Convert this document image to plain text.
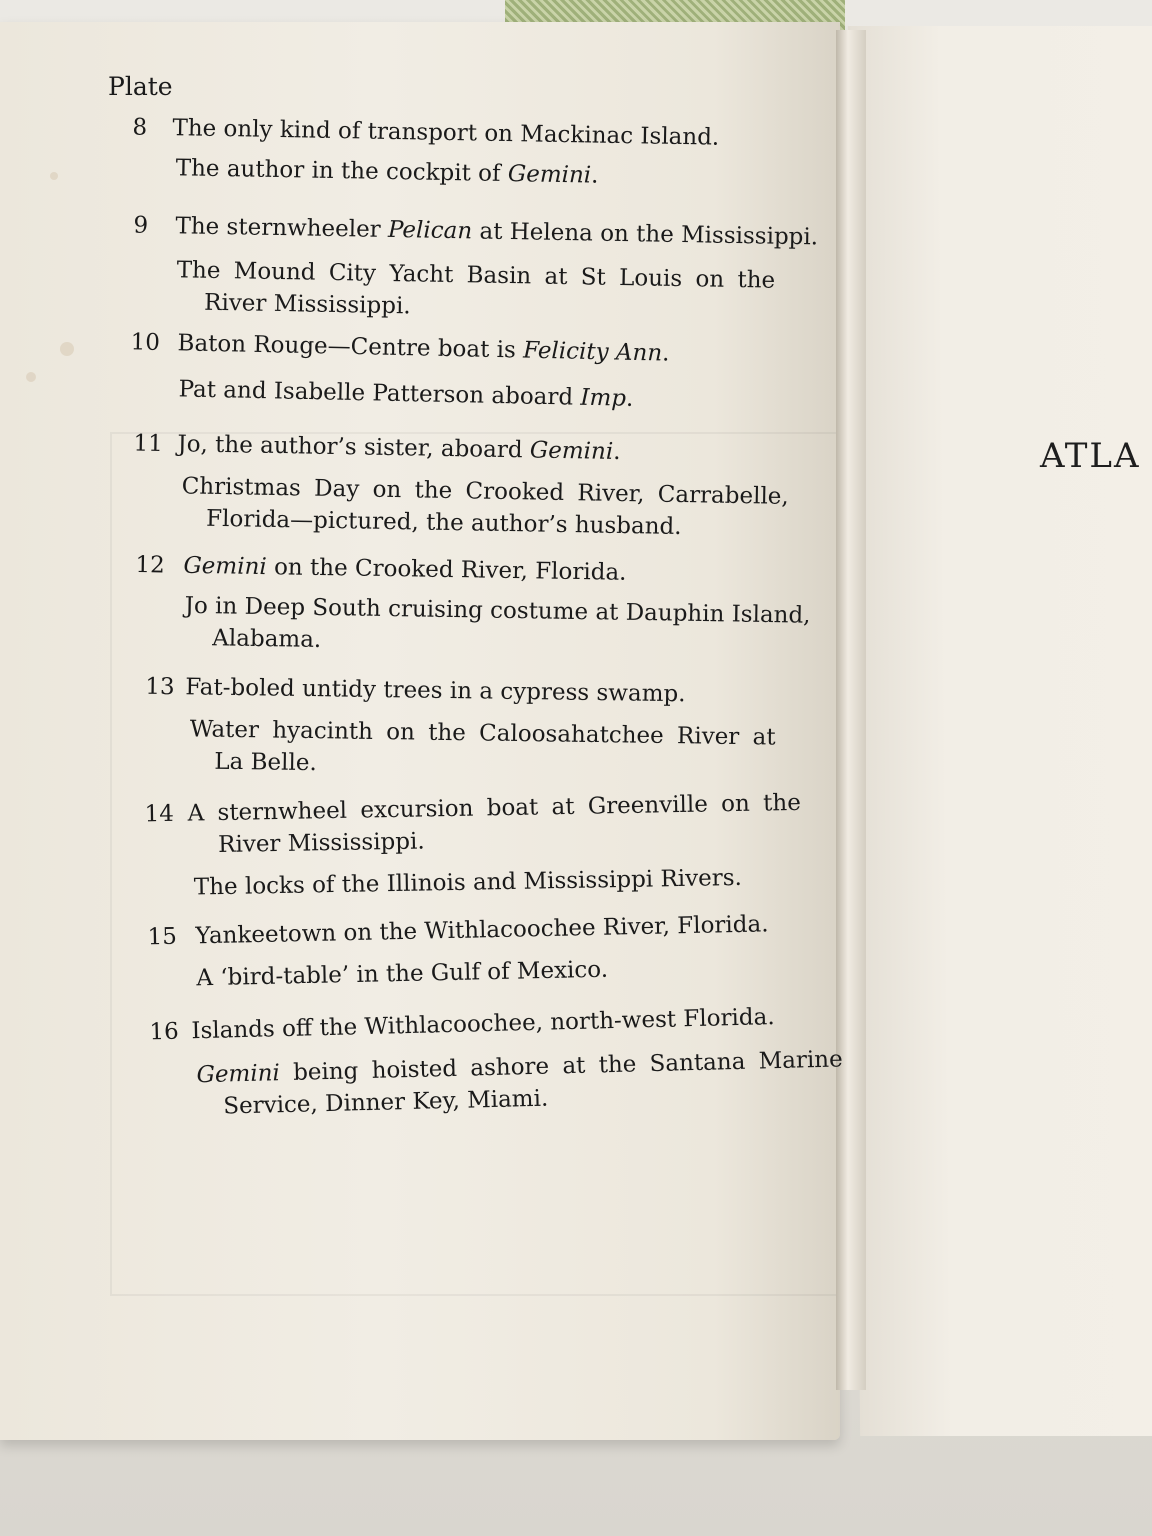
ATLA
Plate
8	The only kind of transport on Mackinac Island.
The author in the cockpit of Gemini.
9	The sternwheeler Pelican at Helena on the Mississippi.
The Mound City Yacht Basin at St Louis on the
River Mississippi.
10 Baton Rouge—Centre boat is Felicity Ann.
Pat and Isabelle Patterson aboard Imp.
11 Jo, the author’s sister, aboard Gemini.
Christmas Day on the Crooked River, Carrabelle,
Florida—pictured, the author’s husband.
12 Gemini on the Crooked River, Florida.
Jo in Deep South cruising costume at Dauphin Island,
Alabama.
13 Fat-boled untidy trees in a cypress swamp.
Water hyacinth on the Caloosahatchee River at
La Belle.
14 A sternwheel excursion boat at Greenville on the
River Mississippi.
The locks of the Illinois and Mississippi Rivers.
15 Yankeetown on the Withlacoochee River, Florida.
A ‘bird-table’ in the Gulf of Mexico.
16 Islands off the Withlacoochee, north-west Florida.
Gemini being hoisted ashore at the Santana Marine
Service, Dinner Key, Miami.
